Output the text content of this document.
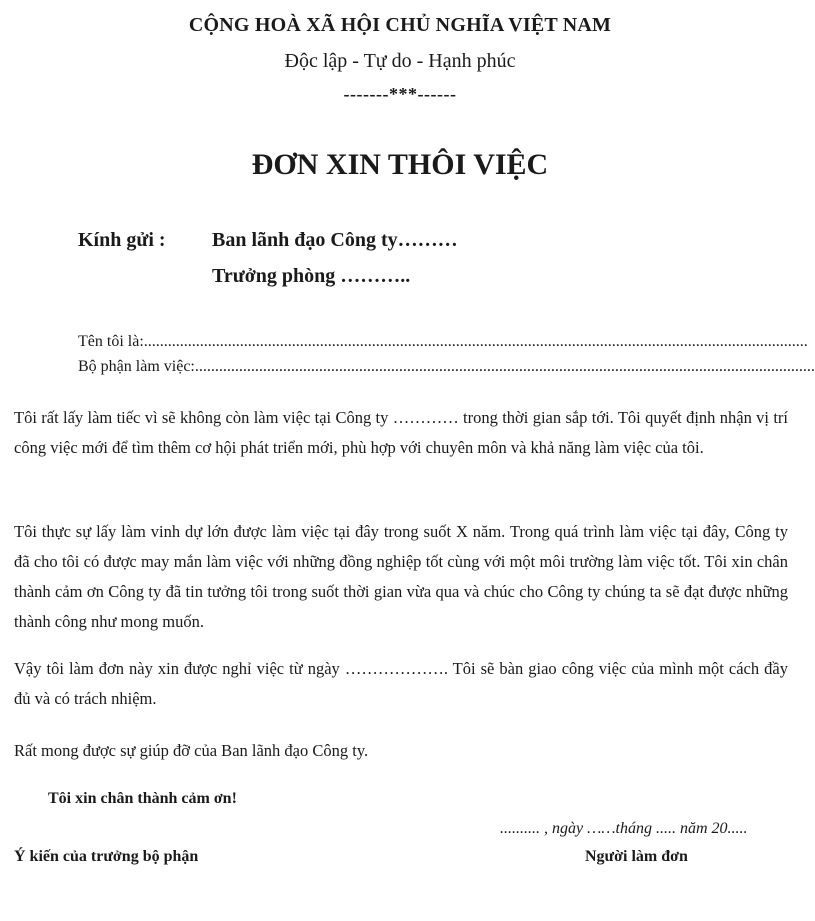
CỘNG HOÀ XÃ HỘI CHỦ NGHĨA VIỆT NAM
Độc lập - Tự do - Hạnh phúc
-------***------
ĐƠN XIN THÔI VIỆC
Kính gửi : Ban lãnh đạo Công ty………
Trưởng phòng ………..
Tên tôi là: ......................................................................................................................................................................
Bộ phận làm việc: ...........................................................................................................................................................
Tôi rất lấy làm tiếc vì sẽ không còn làm việc tại Công ty ………… trong thời gian sắp tới. Tôi quyết định nhận vị trí công việc mới để tìm thêm cơ hội phát triển mới, phù hợp với chuyên môn và khả năng làm việc của tôi.
Tôi thực sự lấy làm vinh dự lớn được làm việc tại đây trong suốt X năm. Trong quá trình làm việc tại đây, Công ty đã cho tôi có được may mắn làm việc với những đồng nghiệp tốt cùng với một môi trường làm việc tốt. Tôi xin chân thành cảm ơn Công ty đã tin tưởng tôi trong suốt thời gian vừa qua và chúc cho Công ty chúng ta sẽ đạt được những thành công như mong muốn.
Vậy tôi làm đơn này xin được nghỉ việc từ ngày ………………. Tôi sẽ bàn giao công việc của mình một cách đầy đủ và có trách nhiệm.
Rất mong được sự giúp đỡ của Ban lãnh đạo Công ty.
Tôi xin chân thành cảm ơn!
.......... , ngày ……tháng ..... năm 20.....
Ý kiến của trưởng bộ phận	Người làm đơn
